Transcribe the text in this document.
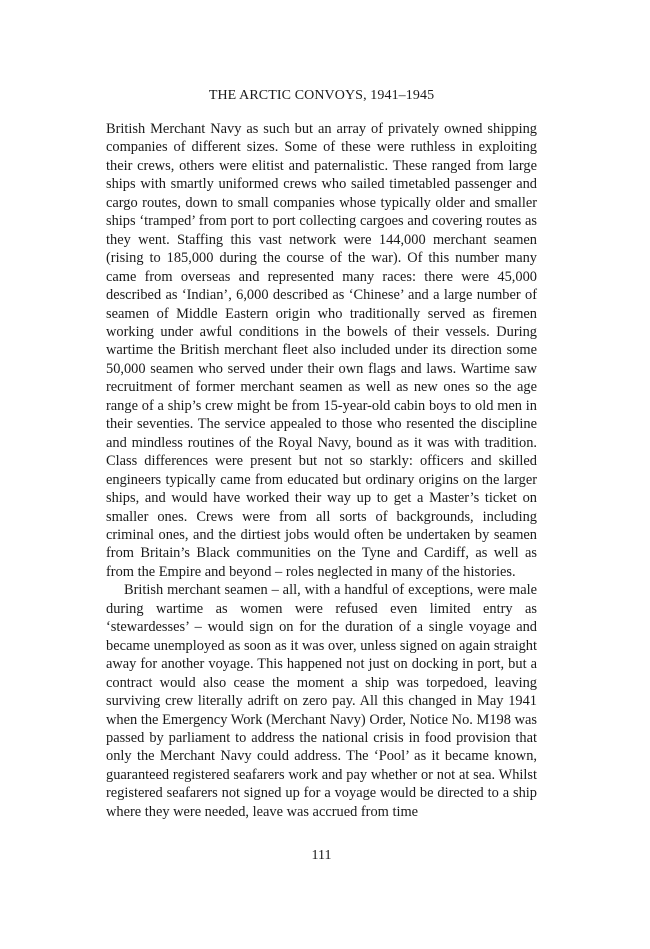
THE ARCTIC CONVOYS, 1941–1945

British Merchant Navy as such but an array of privately owned shipping companies of different sizes. Some of these were ruthless in exploiting their crews, others were elitist and paternalistic. These ranged from large ships with smartly uniformed crews who sailed timetabled passenger and cargo routes, down to small companies whose typically older and smaller ships ‘tramped’ from port to port collecting cargoes and covering routes as they went. Staffing this vast network were 144,000 merchant seamen (rising to 185,000 during the course of the war). Of this number many came from overseas and represented many races: there were 45,000 described as ‘Indian’, 6,000 described as ‘Chinese’ and a large number of seamen of Middle Eastern origin who traditionally served as firemen working under awful conditions in the bowels of their vessels. During wartime the British merchant fleet also included under its direction some 50,000 seamen who served under their own flags and laws. Wartime saw recruitment of former merchant seamen as well as new ones so the age range of a ship’s crew might be from 15-year-old cabin boys to old men in their seventies. The service appealed to those who resented the discipline and mindless routines of the Royal Navy, bound as it was with tradition. Class differences were present but not so starkly: officers and skilled engineers typically came from educated but ordinary origins on the larger ships, and would have worked their way up to get a Master’s ticket on smaller ones. Crews were from all sorts of backgrounds, including criminal ones, and the dirtiest jobs would often be undertaken by seamen from Britain’s Black communities on the Tyne and Cardiff, as well as from the Empire and beyond – roles neglected in many of the histories.

British merchant seamen – all, with a handful of exceptions, were male during wartime as women were refused even limited entry as ‘stewardesses’ – would sign on for the duration of a single voyage and became unemployed as soon as it was over, unless signed on again straight away for another voyage. This happened not just on docking in port, but a contract would also cease the moment a ship was torpedoed, leaving surviving crew literally adrift on zero pay. All this changed in May 1941 when the Emergency Work (Merchant Navy) Order, Notice No. M198 was passed by parliament to address the national crisis in food provision that only the Merchant Navy could address. The ‘Pool’ as it became known, guaranteed registered seafarers work and pay whether or not at sea. Whilst registered seafarers not signed up for a voyage would be directed to a ship where they were needed, leave was accrued from time

111
